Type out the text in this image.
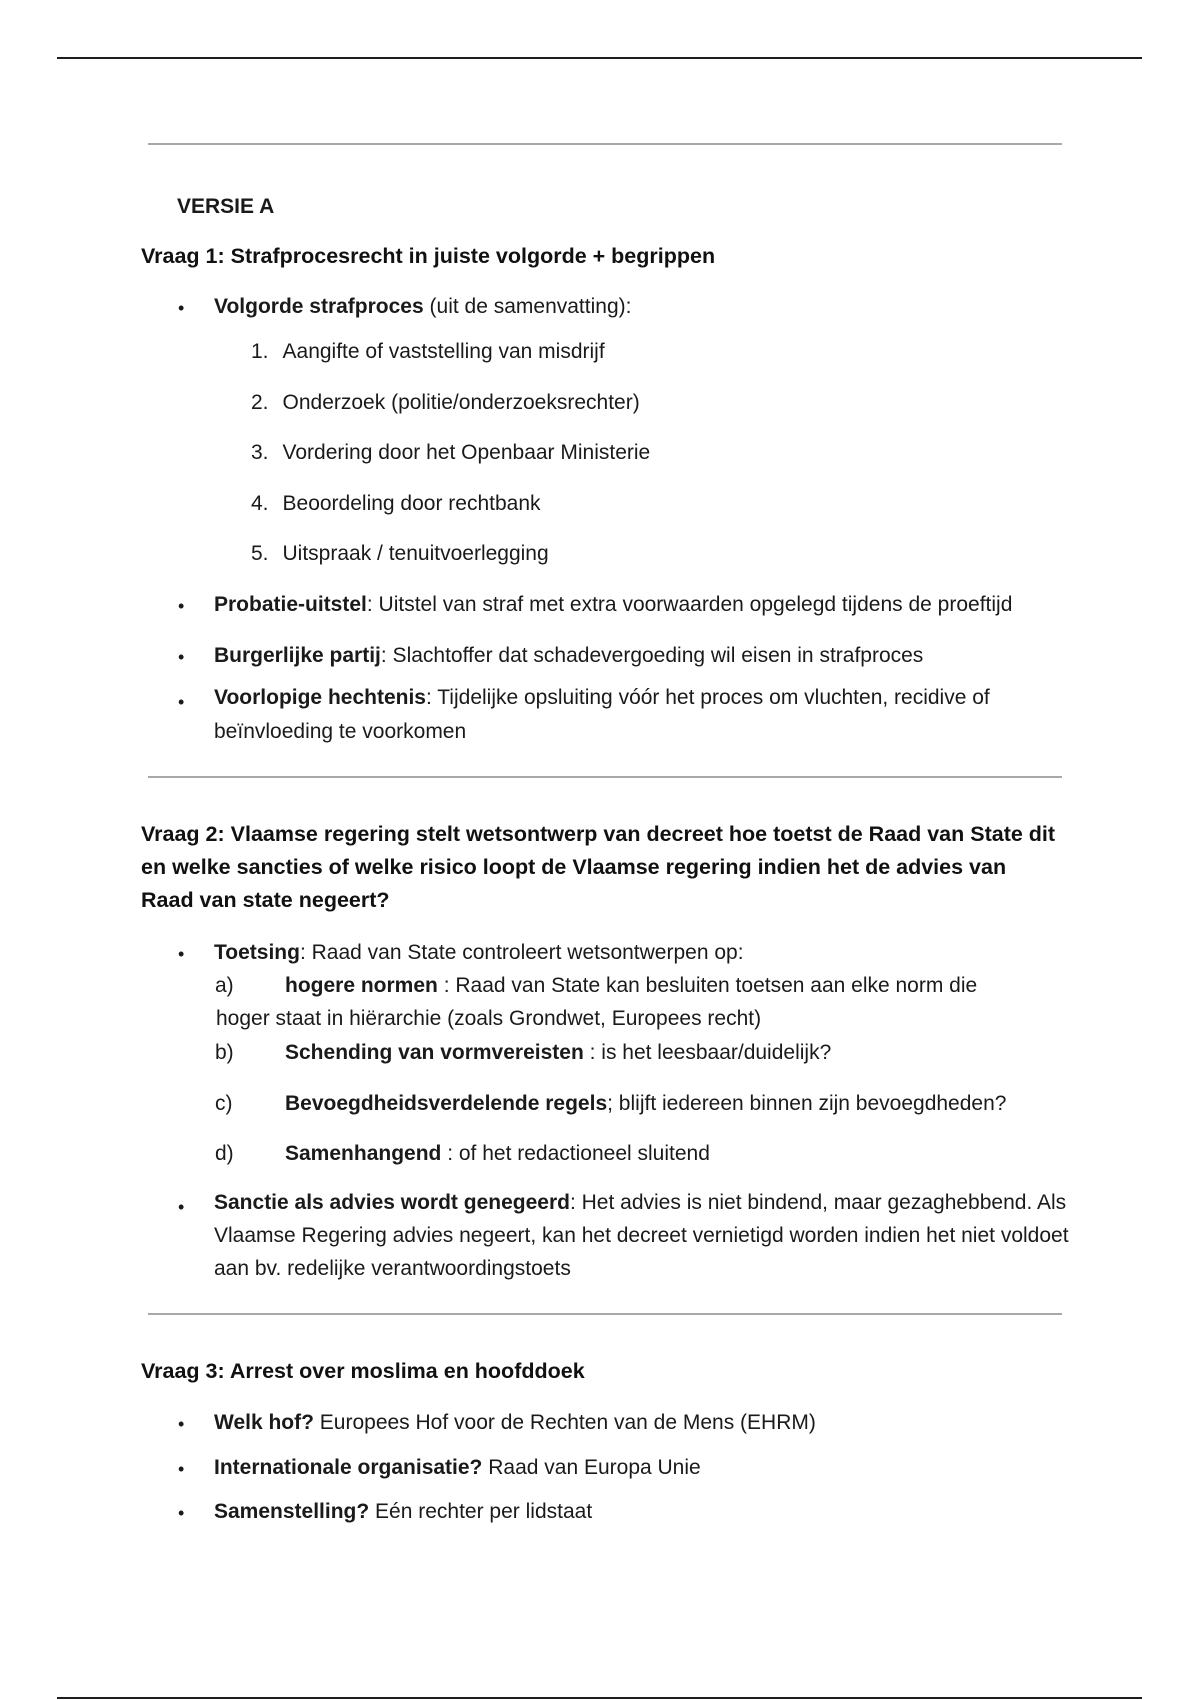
VERSIE A
Vraag 1: Strafprocesrecht in juiste volgorde + begrippen
• Volgorde strafproces (uit de samenvatting):
1. Aangifte of vaststelling van misdrijf
2. Onderzoek (politie/onderzoeksrechter)
3. Vordering door het Openbaar Ministerie
4. Beoordeling door rechtbank
5. Uitspraak / tenuitvoerlegging
• Probatie-uitstel: Uitstel van straf met extra voorwaarden opgelegd tijdens de proeftijd
• Burgerlijke partij: Slachtoffer dat schadevergoeding wil eisen in strafproces
• Voorlopige hechtenis: Tijdelijke opsluiting vóór het proces om vluchten, recidive of beïnvloeding te voorkomen
Vraag 2: Vlaamse regering stelt wetsontwerp van decreet hoe toetst de Raad van State dit en welke sancties of welke risico loopt de Vlaamse regering indien het de advies van Raad van state negeert?
• Toetsing: Raad van State controleert wetsontwerpen op:
a) hogere normen : Raad van State kan besluiten toetsen aan elke norm die
hoger staat in hiërarchie (zoals Grondwet, Europees recht)
b) Schending van vormvereisten : is het leesbaar/duidelijk?
c)	Bevoegdheidsverdelende regels; blijft iedereen binnen zijn bevoegdheden?
d) Samenhangend : of het redactioneel sluitend
• Sanctie als advies wordt genegeerd: Het advies is niet bindend, maar gezaghebbend. Als Vlaamse Regering advies negeert, kan het decreet vernietigd worden indien het niet voldoet aan bv. redelijke verantwoordingstoets
Vraag 3: Arrest over moslima en hoofddoek
• Welk hof? Europees Hof voor de Rechten van de Mens (EHRM)
• Internationale organisatie? Raad van Europa Unie
• Samenstelling? Eén rechter per lidstaat
